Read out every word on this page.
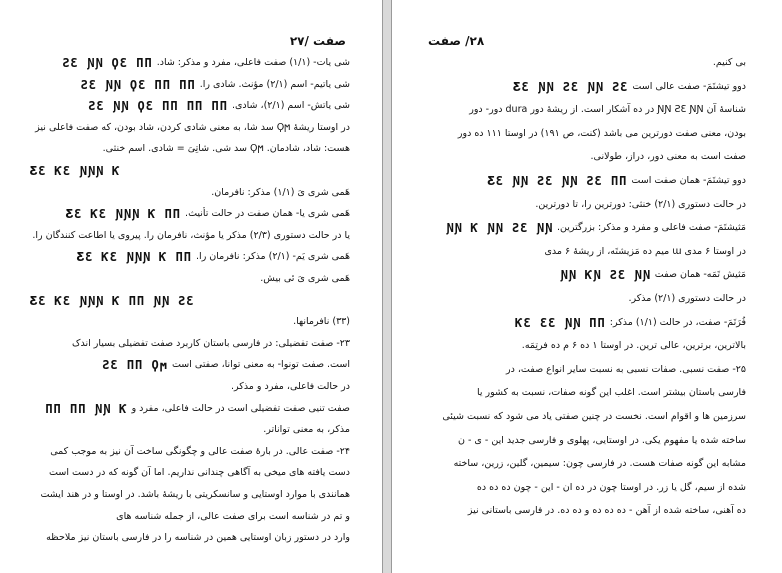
صفت /۲۷
شی یات- (۱/۱) صفت فاعلی، مفرد و مذکر: شاد.ƧƐ ƝƝ ϘƐ ΠΠ
شی یاتیم- اسم (۲/۱) مؤنث. شادی را.ƧƐ ƝƝ ϘƐ ΠΠ ΠΠ
شی یاتش- اسم (۲/۱)، شادی.ƧƐ ƝƝ ϘƐ ΠΠ ΠΠ ΠΠ
در اوستا ریشهٔ Ϙϻ سد شا، به معنی شادی کردن، شاد بودن، که صفت فاعلی نیز
هست: شاد، شادمان. Ϙϻ سد شی. شاتِیَ = شادی. اسم خنثی.
ƸƐ ƘƐ ƝƝƝ Ƙ
هَمی شری یَ (۱/۱) مذکر: نافرمان.
هَمی شری یا- همان صفت در حالت تأنیث.ƸƐ ƘƐ ƝƝƝ Ƙ ΠΠ
یا در حالت دستوری (۲/۳) مذکر یا مؤنث، نافرمان را. پیروی یا اطاعت کنندگان را.
هَمی شری یَم- (۲/۱) مذکر: نافرمان را.ƸƐ ƘƐ ƝƝƝ Ƙ ΠΠ
هَمی شری یَ ئی بیش.
ƸƐ ƘƐ ƝƝƝ Ƙ ΠΠ ƝƝ ƧƐ
(۳۳) نافرمانها.
۲۳- صفت تفضیلی: در فارسی باستان کاربرد صفت تفضیلی بسیار اندک
است. صفت تونوا- به معنی توانا، صفتی استƧƐ ΠΠ Ϙϻ
در حالت فاعلی، مفرد و مذکر.
صفت تنیی صفت تفضیلی است در حالت فاعلی، مفرد وΠΠ ΠΠ ƝƝ Ƙ
مذکر، به معنی تواناتر.
۲۴- صفت عالی. در بارهٔ صفت عالی و چگونگی ساخت آن نیز به موجب کمی
دست یافته های میخی به آگاهی چندانی نداریم. اما آن گونه که در دست است
همانندی با موارد اوستایی و سانسکریتی با ریشهٔ باشد. در اوستا و در هند ایشت
و تم در شناسه است برای صفت عالی، از جمله شناسه های
وارد در دستور زبان اوستایی همین در شناسه را در فارسی باستان نیز ملاحظه
۲۸/ صفت
بی کنیم.
دوو تیشتَمَ- صفت عالی استƸƐ ƝƝ ƧƐ ƝƝ ƧƐ
شناسهٔ آن ƝƝ ƧƐ ƝƝ در ده آشکار است. از ریشهٔ دور dura دور- دور
بودن، معنی صفت دورترین می باشد (کنت، ص ۱۹۱) در اوستا ۱۱۱ ده دور
صفت است به معنی دور، دراز، طولانی.
دوو تیشتَمَ- همان صفت استƸƐ ƝƝ ƧƐ ƝƝ ƧƐ ΠΠ
در حالت دستوری (۲/۱) خنثی: دورترین را، تا دورترین.
مَثیشتَمَ- صفت فاعلی و مفرد و مذکر: بزرگترین.ƝƝ Ƙ ƝƝ ƧƐ ƝƝ
در اوستا ۶ مدی ɯ میم ده مَزیشتَه، از ریشهٔ ۶ مدی
مَثیش تَمَه- همان صفتƝƝ ƘƝ ƧƐ ƝƝ
در حالت دستوری (۲/۱) مذکر.
فُرَتَمَ- صفت، در حالت (۱/۱) مذکر:ƘƐ ƐƐ ƝƝ ΠΠ
بالاترین، برترین، عالی ترین. در اوستا ۱ ده ۶ م ده فرتِمَه.
۲۵- صفت نسبی. صفات نسبی به نسبت سایر انواع صفت، در
فارسی باستان بیشتر است. اغلب این گونه صفات، نسبت به کشور یا
سرزمین ها و اقوام است. نخست در چنین صفتی یاد می شود که نسبت شیئی
ساخته شده یا مفهوم یکی. در اوستایی، پهلوی و فارسی جدید این - ی - ن
مشابه این گونه صفات هست. در فارسی چون: سیمین، گلین، زرین، ساخته
شده از سیم، گل یا زر. در اوستا چون در ده ان - این - چون ده ده ده
ده آهنی، ساخته شده از آهن - ده ده ده و ده ده. در فارسی باستانی نیز
